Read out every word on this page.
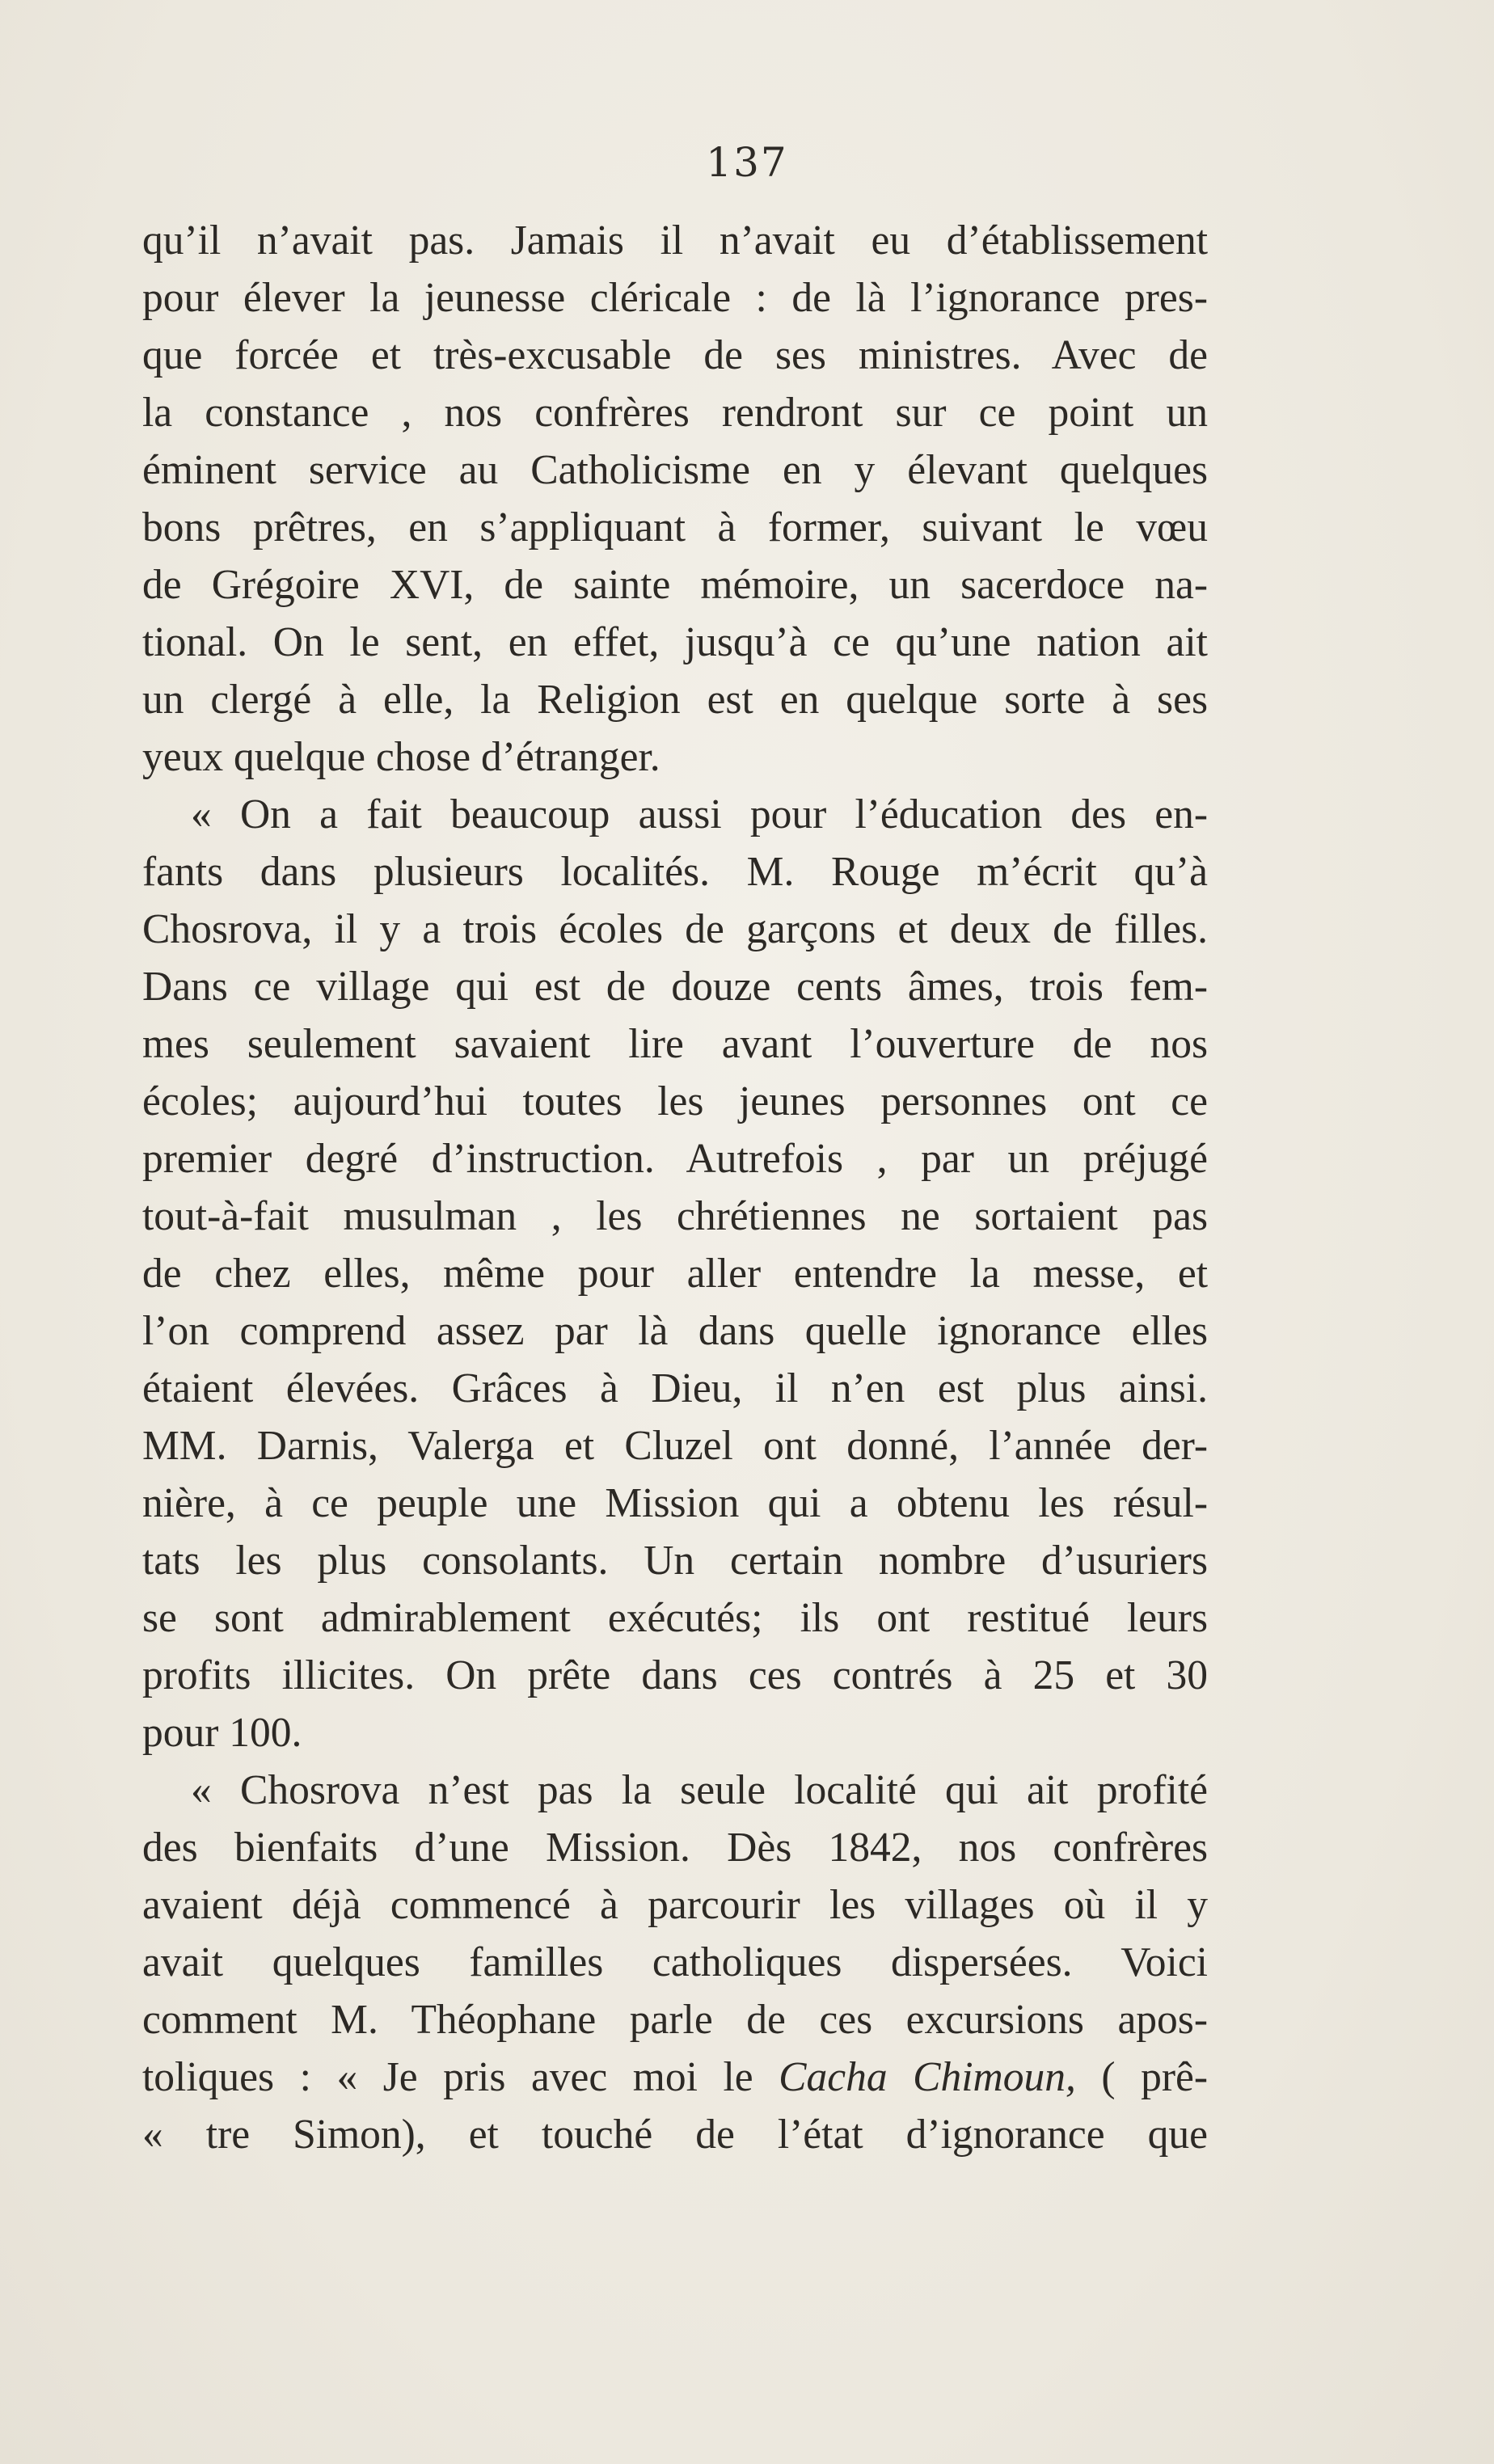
137
qu’il n’avait pas. Jamais il n’avait eu d’établissement
pour élever la jeunesse cléricale : de là l’ignorance pres-
que forcée et très-excusable de ses ministres. Avec de
la constance , nos confrères rendront sur ce point un
éminent service au Catholicisme en y élevant quelques
bons prêtres, en s’appliquant à former, suivant le vœu
de Grégoire XVI, de sainte mémoire, un sacerdoce na-
tional. On le sent, en effet, jusqu’à ce qu’une nation ait
un clergé à elle, la Religion est en quelque sorte à ses
yeux quelque chose d’étranger.
« On a fait beaucoup aussi pour l’éducation des en-
fants dans plusieurs localités. M. Rouge m’écrit qu’à
Chosrova, il y a trois écoles de garçons et deux de filles.
Dans ce village qui est de douze cents âmes, trois fem-
mes seulement savaient lire avant l’ouverture de nos
écoles; aujourd’hui toutes les jeunes personnes ont ce
premier degré d’instruction. Autrefois , par un préjugé
tout-à-fait musulman , les chrétiennes ne sortaient pas
de chez elles, même pour aller entendre la messe, et
l’on comprend assez par là dans quelle ignorance elles
étaient élevées. Grâces à Dieu, il n’en est plus ainsi.
MM. Darnis, Valerga et Cluzel ont donné, l’année der-
nière, à ce peuple une Mission qui a obtenu les résul-
tats les plus consolants. Un certain nombre d’usuriers
se sont admirablement exécutés; ils ont restitué leurs
profits illicites. On prête dans ces contrés à 25 et 30
pour 100.
« Chosrova n’est pas la seule localité qui ait profité
des bienfaits d’une Mission. Dès 1842, nos confrères
avaient déjà commencé à parcourir les villages où il y
avait quelques familles catholiques dispersées. Voici
comment M. Théophane parle de ces excursions apos-
toliques : « Je pris avec moi le Cacha Chimoun, ( prê-
« tre Simon), et touché de l’état d’ignorance que
